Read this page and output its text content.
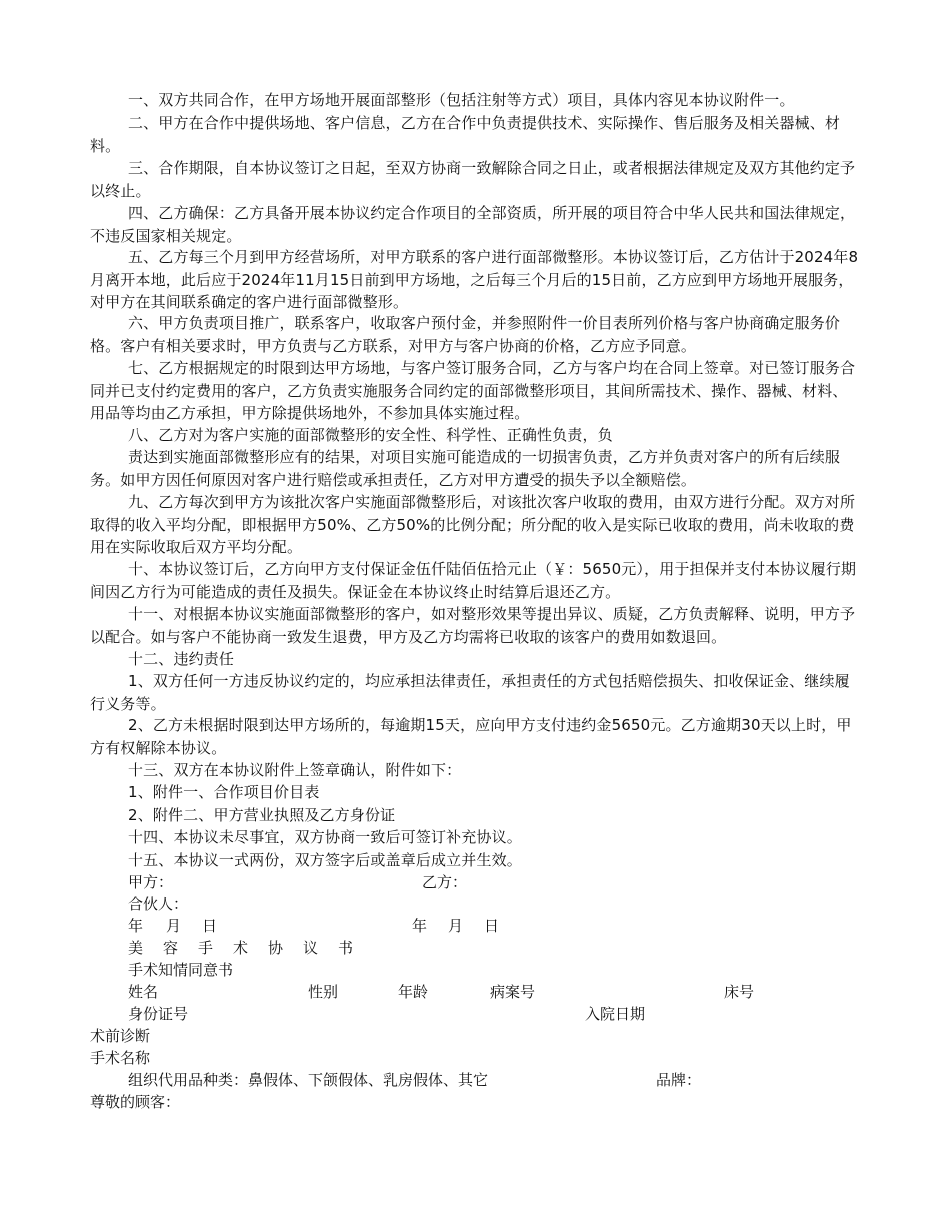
一、双方共同合作，在甲方场地开展面部整形（包括注射等方式）项目，具体内容见本协议附件一。
二、甲方在合作中提供场地、客户信息，乙方在合作中负责提供技术、实际操作、售后服务及相关器械、材料。
三、合作期限，自本协议签订之日起，至双方协商一致解除合同之日止，或者根据法律规定及双方其他约定予以终止。
四、乙方确保：乙方具备开展本协议约定合作项目的全部资质，所开展的项目符合中华人民共和国法律规定，不违反国家相关规定。
五、乙方每三个月到甲方经营场所，对甲方联系的客户进行面部微整形。本协议签订后，乙方估计于2024年8月离开本地，此后应于2024年11月15日前到甲方场地，之后每三个月后的15日前，乙方应到甲方场地开展服务，对甲方在其间联系确定的客户进行面部微整形。
六、甲方负责项目推广，联系客户，收取客户预付金，并参照附件一价目表所列价格与客户协商确定服务价格。客户有相关要求时，甲方负责与乙方联系，对甲方与客户协商的价格，乙方应予同意。
七、乙方根据规定的时限到达甲方场地，与客户签订服务合同，乙方与客户均在合同上签章。对已签订服务合同并已支付约定费用的客户，乙方负责实施服务合同约定的面部微整形项目，其间所需技术、操作、器械、材料、用品等均由乙方承担，甲方除提供场地外，不参加具体实施过程。
八、乙方对为客户实施的面部微整形的安全性、科学性、正确性负责，负
责达到实施面部微整形应有的结果，对项目实施可能造成的一切损害负责，乙方并负责对客户的所有后续服务。如甲方因任何原因对客户进行赔偿或承担责任，乙方对甲方遭受的损失予以全额赔偿。
九、乙方每次到甲方为该批次客户实施面部微整形后，对该批次客户收取的费用，由双方进行分配。双方对所取得的收入平均分配，即根据甲方50%、乙方50%的比例分配；所分配的收入是实际已收取的费用，尚未收取的费用在实际收取后双方平均分配。
十、本协议签订后，乙方向甲方支付保证金伍仟陆佰伍拾元止（￥：5650元），用于担保并支付本协议履行期间因乙方行为可能造成的责任及损失。保证金在本协议终止时结算后退还乙方。
十一、对根据本协议实施面部微整形的客户，如对整形效果等提出异议、质疑，乙方负责解释、说明，甲方予以配合。如与客户不能协商一致发生退费，甲方及乙方均需将已收取的该客户的费用如数退回。
十二、违约责任
1、双方任何一方违反协议约定的，均应承担法律责任，承担责任的方式包括赔偿损失、扣收保证金、继续履行义务等。
2、乙方未根据时限到达甲方场所的，每逾期15天，应向甲方支付违约金5650元。乙方逾期30天以上时，甲方有权解除本协议。
十三、双方在本协议附件上签章确认，附件如下：
1、附件一、合作项目价目表
2、附件二、甲方营业执照及乙方身份证
十四、本协议未尽事宜，双方协商一致后可签订补充协议。
十五、本协议一式两份，双方签字后或盖章后成立并生效。
甲方：	乙方：
合伙人：
年 月 日	年 月 日
美容手术协议书
手术知情同意书
姓名	性别	年龄	病案号	床号
身份证号	入院日期
术前诊断
手术名称
组织代用品种类：鼻假体、下颌假体、乳房假体、其它	品牌：
尊敬的顾客：
